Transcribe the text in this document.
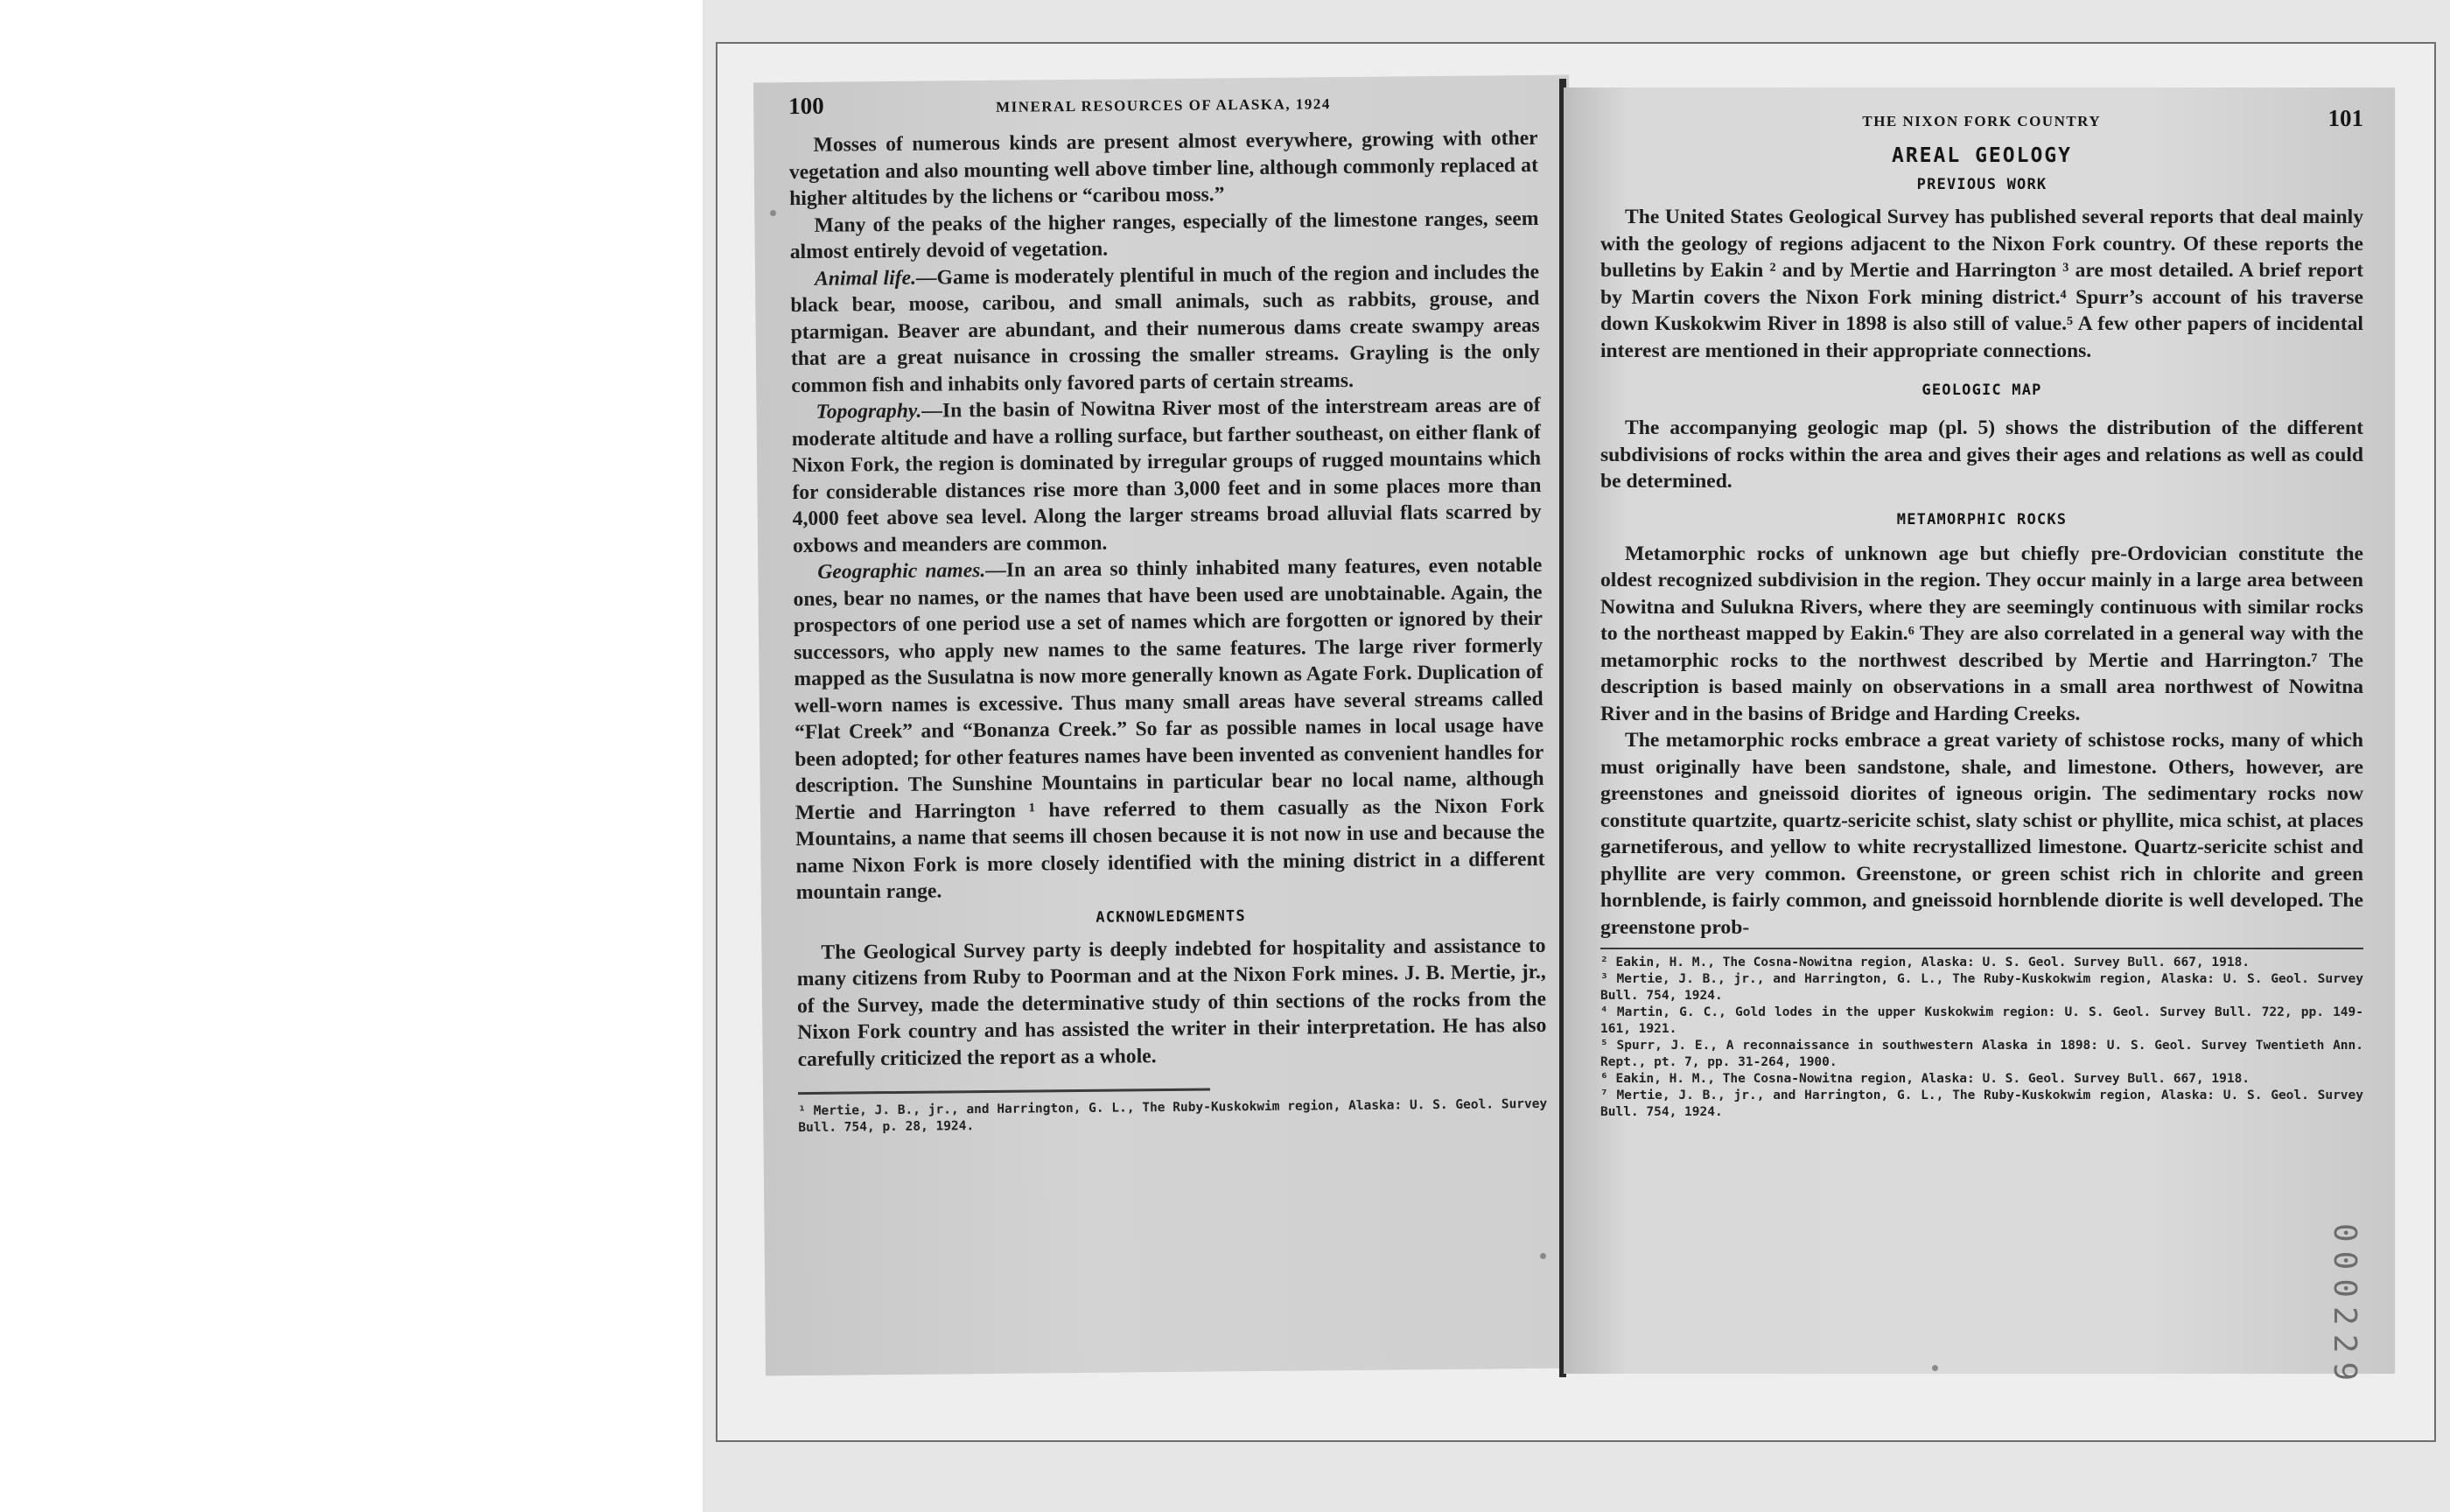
100	MINERAL RESOURCES OF ALASKA, 1924

Mosses of numerous kinds are present almost everywhere, growing with other vegetation and also mounting well above timber line, although commonly replaced at higher altitudes by the lichens or “caribou moss.”

Many of the peaks of the higher ranges, especially of the limestone ranges, seem almost entirely devoid of vegetation.

Animal life.—Game is moderately plentiful in much of the region and includes the black bear, moose, caribou, and small animals, such as rabbits, grouse, and ptarmigan. Beaver are abundant, and their numerous dams create swampy areas that are a great nuisance in crossing the smaller streams. Grayling is the only common fish and inhabits only favored parts of certain streams.

Topography.—In the basin of Nowitna River most of the interstream areas are of moderate altitude and have a rolling surface, but farther southeast, on either flank of Nixon Fork, the region is dominated by irregular groups of rugged mountains which for considerable distances rise more than 3,000 feet and in some places more than 4,000 feet above sea level. Along the larger streams broad alluvial flats scarred by oxbows and meanders are common.

Geographic names.—In an area so thinly inhabited many features, even notable ones, bear no names, or the names that have been used are unobtainable. Again, the prospectors of one period use a set of names which are forgotten or ignored by their successors, who apply new names to the same features. The large river formerly mapped as the Susulatna is now more generally known as Agate Fork. Duplication of well-worn names is excessive. Thus many small areas have several streams called “Flat Creek” and “Bonanza Creek.” So far as possible names in local usage have been adopted; for other features names have been invented as convenient handles for description. The Sunshine Mountains in particular bear no local name, although Mertie and Harrington ¹ have referred to them casually as the Nixon Fork Mountains, a name that seems ill chosen because it is not now in use and because the name Nixon Fork is more closely identified with the mining district in a different mountain range.

ACKNOWLEDGMENTS

The Geological Survey party is deeply indebted for hospitality and assistance to many citizens from Ruby to Poorman and at the Nixon Fork mines. J. B. Mertie, jr., of the Survey, made the determinative study of thin sections of the rocks from the Nixon Fork country and has assisted the writer in their interpretation. He has also carefully criticized the report as a whole.

¹ Mertie, J. B., jr., and Harrington, G. L., The Ruby-Kuskokwim region, Alaska: U. S. Geol. Survey Bull. 754, p. 28, 1924.

THE NIXON FORK COUNTRY	101
AREAL GEOLOGY
PREVIOUS WORK

The United States Geological Survey has published several reports that deal mainly with the geology of regions adjacent to the Nixon Fork country. Of these reports the bulletins by Eakin ² and by Mertie and Harrington ³ are most detailed. A brief report by Martin covers the Nixon Fork mining district.⁴ Spurr’s account of his traverse down Kuskokwim River in 1898 is also still of value.⁵ A few other papers of incidental interest are mentioned in their appropriate connections.

GEOLOGIC MAP

The accompanying geologic map (pl. 5) shows the distribution of the different subdivisions of rocks within the area and gives their ages and relations as well as could be determined.

METAMORPHIC ROCKS

Metamorphic rocks of unknown age but chiefly pre-Ordovician constitute the oldest recognized subdivision in the region. They occur mainly in a large area between Nowitna and Sulukna Rivers, where they are seemingly continuous with similar rocks to the northeast mapped by Eakin.⁶ They are also correlated in a general way with the metamorphic rocks to the northwest described by Mertie and Harrington.⁷ The description is based mainly on observations in a small area northwest of Nowitna River and in the basins of Bridge and Harding Creeks.

The metamorphic rocks embrace a great variety of schistose rocks, many of which must originally have been sandstone, shale, and limestone. Others, however, are greenstones and gneissoid diorites of igneous origin. The sedimentary rocks now constitute quartzite, quartz-sericite schist, slaty schist or phyllite, mica schist, at places garnetiferous, and yellow to white recrystallized limestone. Quartz-sericite schist and phyllite are very common. Greenstone, or green schist rich in chlorite and green hornblende, is fairly common, and gneissoid hornblende diorite is well developed. The greenstone prob-

² Eakin, H. M., The Cosna-Nowitna region, Alaska: U. S. Geol. Survey Bull. 667, 1918.

³ Mertie, J. B., jr., and Harrington, G. L., The Ruby-Kuskokwim region, Alaska: U. S. Geol. Survey Bull. 754, 1924.

⁴ Martin, G. C., Gold lodes in the upper Kuskokwim region: U. S. Geol. Survey Bull. 722, pp. 149-161, 1921.

⁵ Spurr, J. E., A reconnaissance in southwestern Alaska in 1898: U. S. Geol. Survey Twentieth Ann. Rept., pt. 7, pp. 31-264, 1900.

⁶ Eakin, H. M., The Cosna-Nowitna region, Alaska: U. S. Geol. Survey Bull. 667, 1918.

⁷ Mertie, J. B., jr., and Harrington, G. L., The Ruby-Kuskokwim region, Alaska: U. S. Geol. Survey Bull. 754, 1924.
